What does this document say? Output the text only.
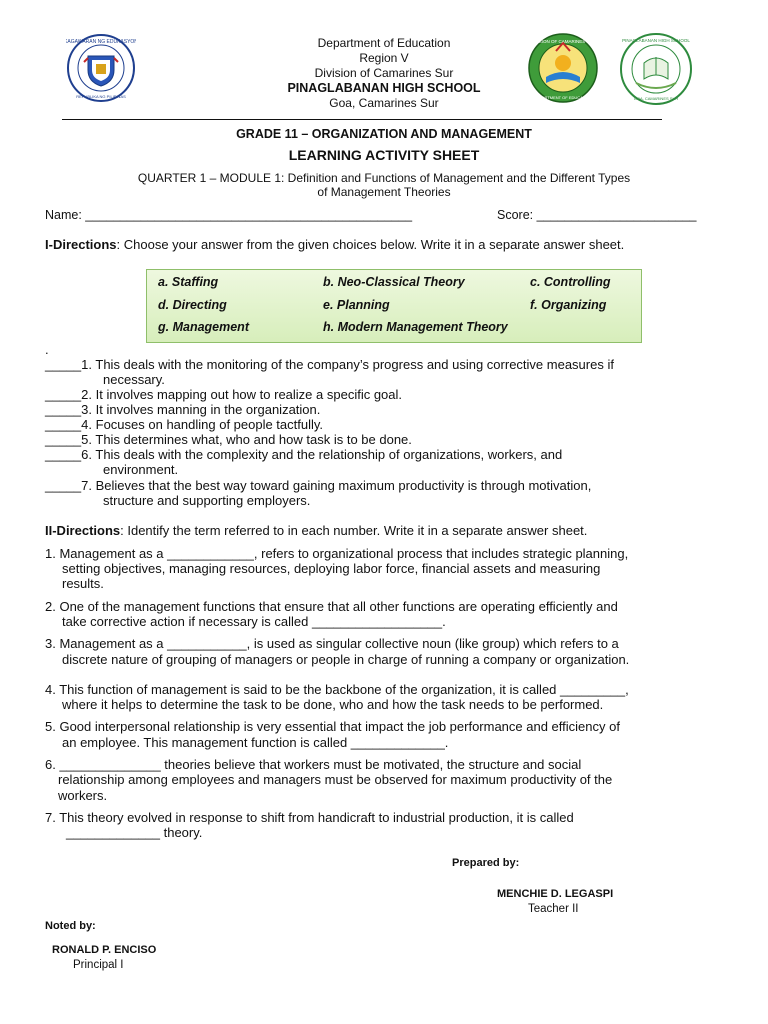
KAGAWARAN NG EDUKASYON
REPUBLIKA NG PILIPINAS
DIVISION OF CAMARINES SUR
DEPARTMENT OF EDUCATION
PINAGLABANAN HIGH SCHOOL
GOA, CAMARINES SUR
Department of Education
Region V
Division of Camarines Sur
PINAGLABANAN HIGH SCHOOL
Goa, Camarines Sur
GRADE 11 – ORGANIZATION AND MANAGEMENT
LEARNING ACTIVITY SHEET
QUARTER 1 – MODULE 1: Definition and Functions of Management and the Different Types
of Management Theories
Name: _______________________________________________	Score: _______________________
I-Directions: Choose your answer from the given choices below. Write it in a separate answer sheet.
a. Staffing	b. Neo-Classical Theory	c. Controlling
d. Directing	e. Planning	f. Organizing
g. Management	h. Modern Management Theory
.
_____1. This deals with the monitoring of the company’s progress and using corrective measures if
necessary.
_____2. It involves mapping out how to realize a specific goal.
_____3. It involves manning in the organization.
_____4. Focuses on handling of people tactfully.
_____5. This determines what, who and how task is to be done.
_____6. This deals with the complexity and the relationship of organizations, workers, and
environment.
_____7. Believes that the best way toward gaining maximum productivity is through motivation,
structure and supporting employers.
II-Directions: Identify the term referred to in each number. Write it in a separate answer sheet.
1. Management as a ____________, refers to organizational process that includes strategic planning,
setting objectives, managing resources, deploying labor force, financial assets and measuring
results.
2. One of the management functions that ensure that all other functions are operating efficiently and
take corrective action if necessary is called __________________.
3. Management as a ___________, is used as singular collective noun (like group) which refers to a
discrete nature of grouping of managers or people in charge of running a company or organization.
4. This function of management is said to be the backbone of the organization, it is called _________,
where it helps to determine the task to be done, who and how the task needs to be performed.
5. Good interpersonal relationship is very essential that impact the job performance and efficiency of
an employee. This management function is called _____________.
6. ______________ theories believe that workers must be motivated, the structure and social
relationship among employees and managers must be observed for maximum productivity of the
workers.
7. This theory evolved in response to shift from handicraft to industrial production, it is called
_____________ theory.
Prepared by:
MENCHIE D. LEGASPI
Teacher II
Noted by:
RONALD P. ENCISO
Principal I
